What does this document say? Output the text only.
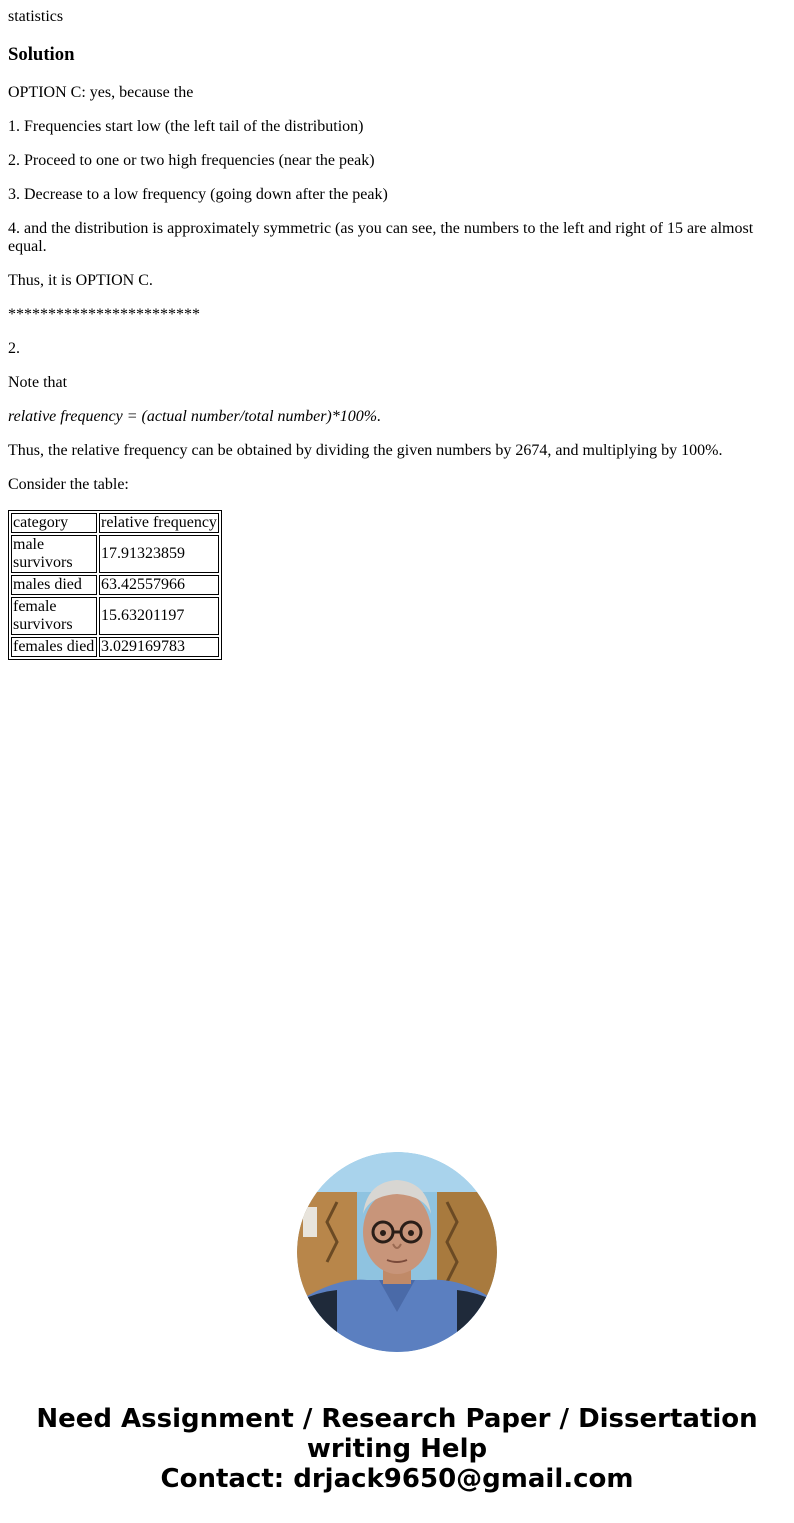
statistics
Solution

OPTION C: yes, because the

1. Frequencies start low (the left tail of the distribution)

2. Proceed to one or two high frequencies (near the peak)

3. Decrease to a low frequency (going down after the peak)

4. and the distribution is approximately symmetric (as you can see, the numbers to the left and right of 15 are almost equal.

Thus, it is OPTION C.

************************

2.

Note that

relative frequency = (actual number/total number)*100%.

Thus, the relative frequency can be obtained by dividing the given numbers by 2674, and multiplying by 100%.

Consider the table:

category	relative frequency
male survivors	17.91323859
males died	63.42557966
female survivors	15.63201197
females died	3.029169783
Need Assignment / Research Paper / Dissertation
writing Help
Contact: drjack9650@gmail.com
